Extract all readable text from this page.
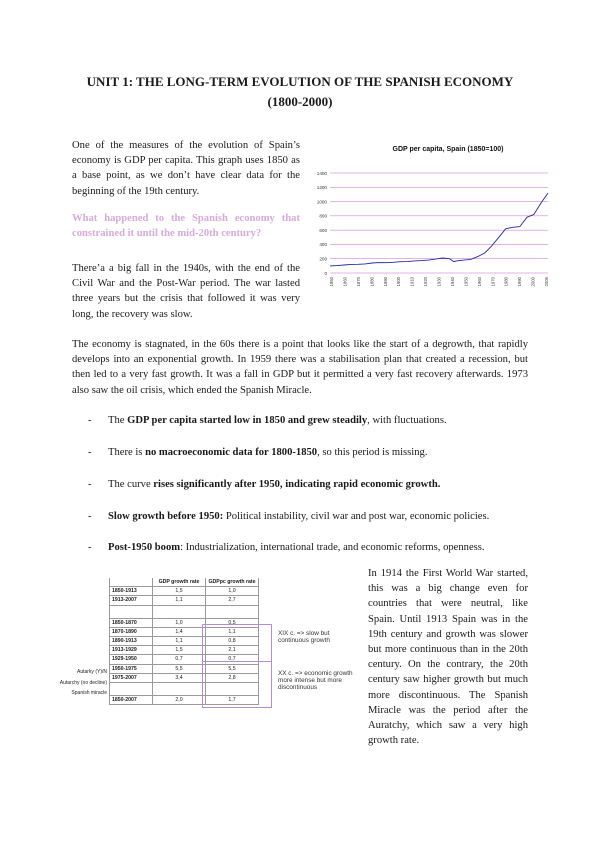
UNIT 1: THE LONG-TERM EVOLUTION OF THE SPANISH ECONOMY
(1800-2000)

One of the measures of the evolution of Spain’s economy is GDP per capita. This graph uses 1850 as a base point, as we don’t have clear data for the beginning of the 19th century.

What happened to the Spanish economy that constrained it until the mid-20th century?

There’a a big fall in the 1940s, with the end of the Civil War and the Post-War period. The war lasted three years but the crisis that followed it was very long, the recovery was slow.

GDP per capita, Spain (1850=100)
1400
1200
1000
800
600
400
200
0
1850 1860 1870 1880 1890 1900 1910 1920 1930 1940 1950 1960 1970 1980 1990 2000 2005

The economy is stagnated, in the 60s there is a point that looks like the start of a degrowth, that rapidly develops into an exponential growth. In 1959 there was a stabilisation plan that created a recession, but then led to a very fast growth. It was a fall in GDP but it permitted a very fast recovery afterwards. 1973 also saw the oil crisis, which ended the Spanish Miracle.

- The GDP per capita started low in 1850 and grew steadily, with fluctuations.
- There is no macroeconomic data for 1800-1850, so this period is missing.
- The curve rises significantly after 1950, indicating rapid economic growth.
- Slow growth before 1950: Political instability, civil war and post war, economic policies.
- Post-1950 boom: Industrialization, international trade, and economic reforms, openness.
	GDP growth rate	GDPpc growth rate
1850-1913	1,5	1,0
1913-2007	1,1	2,7

1850-1870	1,0	0,5
1870-1890	1,4	1,1
1890-1913	1,1	0,8
1913-1929	1,5	2,1
1929-1950	0,7	0,7
1950-1975	5,5	5,5
1975-2007	3,4	2,8

1850-2007	2,0	1,7
Autarky (Y)/N
Autarchy (no decline)
Spanish miracle
XIX c. => slow but continuous growth
XX c. => economic growth more intense but more discontinuous

In 1914 the First World War started, this was a big change even for countries that were neutral, like Spain. Until 1913 Spain was in the 19th century and growth was slower but more continuous than in the 20th century. On the contrary, the 20th century saw higher growth but much more discontinuous. The Spanish Miracle was the period after the Auratchy, which saw a very high growth rate.
